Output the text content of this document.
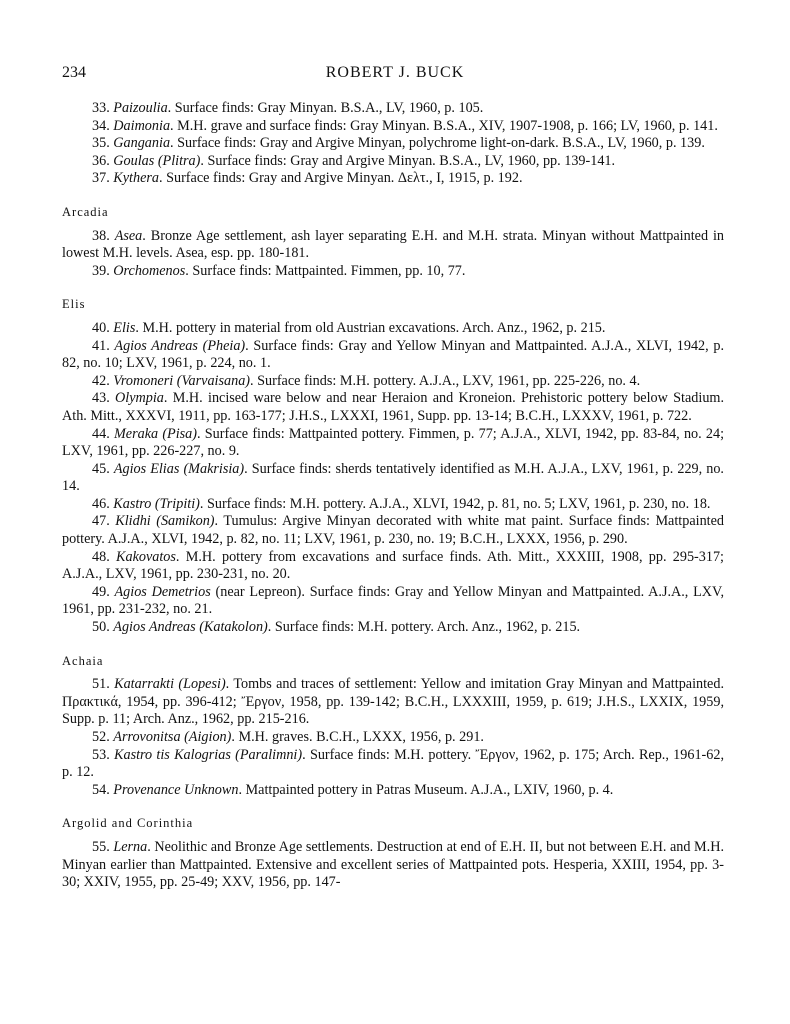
234	ROBERT J. BUCK

33. Paizoulia. Surface finds: Gray Minyan. B.S.A., LV, 1960, p. 105.

34. Daimonia. M.H. grave and surface finds: Gray Minyan. B.S.A., XIV, 1907-1908, p. 166; LV, 1960, p. 141.

35. Gangania. Surface finds: Gray and Argive Minyan, polychrome light-on-dark. B.S.A., LV, 1960, p. 139.

36. Goulas (Plitra). Surface finds: Gray and Argive Minyan. B.S.A., LV, 1960, pp. 139-141.

37. Kythera. Surface finds: Gray and Argive Minyan. Δελτ., I, 1915, p. 192.

Arcadia

38. Asea. Bronze Age settlement, ash layer separating E.H. and M.H. strata. Minyan without Mattpainted in lowest M.H. levels. Asea, esp. pp. 180-181.

39. Orchomenos. Surface finds: Mattpainted. Fimmen, pp. 10, 77.

Elis

40. Elis. M.H. pottery in material from old Austrian excavations. Arch. Anz., 1962, p. 215.

41. Agios Andreas (Pheia). Surface finds: Gray and Yellow Minyan and Mattpainted. A.J.A., XLVI, 1942, p. 82, no. 10; LXV, 1961, p. 224, no. 1.

42. Vromoneri (Varvaisana). Surface finds: M.H. pottery. A.J.A., LXV, 1961, pp. 225-226, no. 4.

43. Olympia. M.H. incised ware below and near Heraion and Kroneion. Prehistoric pottery below Stadium. Ath. Mitt., XXXVI, 1911, pp. 163-177; J.H.S., LXXXI, 1961, Supp. pp. 13-14; B.C.H., LXXXV, 1961, p. 722.

44. Meraka (Pisa). Surface finds: Mattpainted pottery. Fimmen, p. 77; A.J.A., XLVI, 1942, pp. 83-84, no. 24; LXV, 1961, pp. 226-227, no. 9.

45. Agios Elias (Makrisia). Surface finds: sherds tentatively identified as M.H. A.J.A., LXV, 1961, p. 229, no. 14.

46. Kastro (Tripiti). Surface finds: M.H. pottery. A.J.A., XLVI, 1942, p. 81, no. 5; LXV, 1961, p. 230, no. 18.

47. Klidhi (Samikon). Tumulus: Argive Minyan decorated with white mat paint. Surface finds: Mattpainted pottery. A.J.A., XLVI, 1942, p. 82, no. 11; LXV, 1961, p. 230, no. 19; B.C.H., LXXX, 1956, p. 290.

48. Kakovatos. M.H. pottery from excavations and surface finds. Ath. Mitt., XXXIII, 1908, pp. 295-317; A.J.A., LXV, 1961, pp. 230-231, no. 20.

49. Agios Demetrios (near Lepreon). Surface finds: Gray and Yellow Minyan and Mattpainted. A.J.A., LXV, 1961, pp. 231-232, no. 21.

50. Agios Andreas (Katakolon). Surface finds: M.H. pottery. Arch. Anz., 1962, p. 215.

Achaia

51. Katarrakti (Lopesi). Tombs and traces of settlement: Yellow and imitation Gray Minyan and Mattpainted. Πρακτικά, 1954, pp. 396-412; Ἔργον, 1958, pp. 139-142; B.C.H., LXXXIII, 1959, p. 619; J.H.S., LXXIX, 1959, Supp. p. 11; Arch. Anz., 1962, pp. 215-216.

52. Arrovonitsa (Aigion). M.H. graves. B.C.H., LXXX, 1956, p. 291.

53. Kastro tis Kalogrias (Paralimni). Surface finds: M.H. pottery. Ἔργον, 1962, p. 175; Arch. Rep., 1961-62, p. 12.

54. Provenance Unknown. Mattpainted pottery in Patras Museum. A.J.A., LXIV, 1960, p. 4.

Argolid and Corinthia

55. Lerna. Neolithic and Bronze Age settlements. Destruction at end of E.H. II, but not between E.H. and M.H. Minyan earlier than Mattpainted. Extensive and excellent series of Mattpainted pots. Hesperia, XXIII, 1954, pp. 3-30; XXIV, 1955, pp. 25-49; XXV, 1956, pp. 147-
